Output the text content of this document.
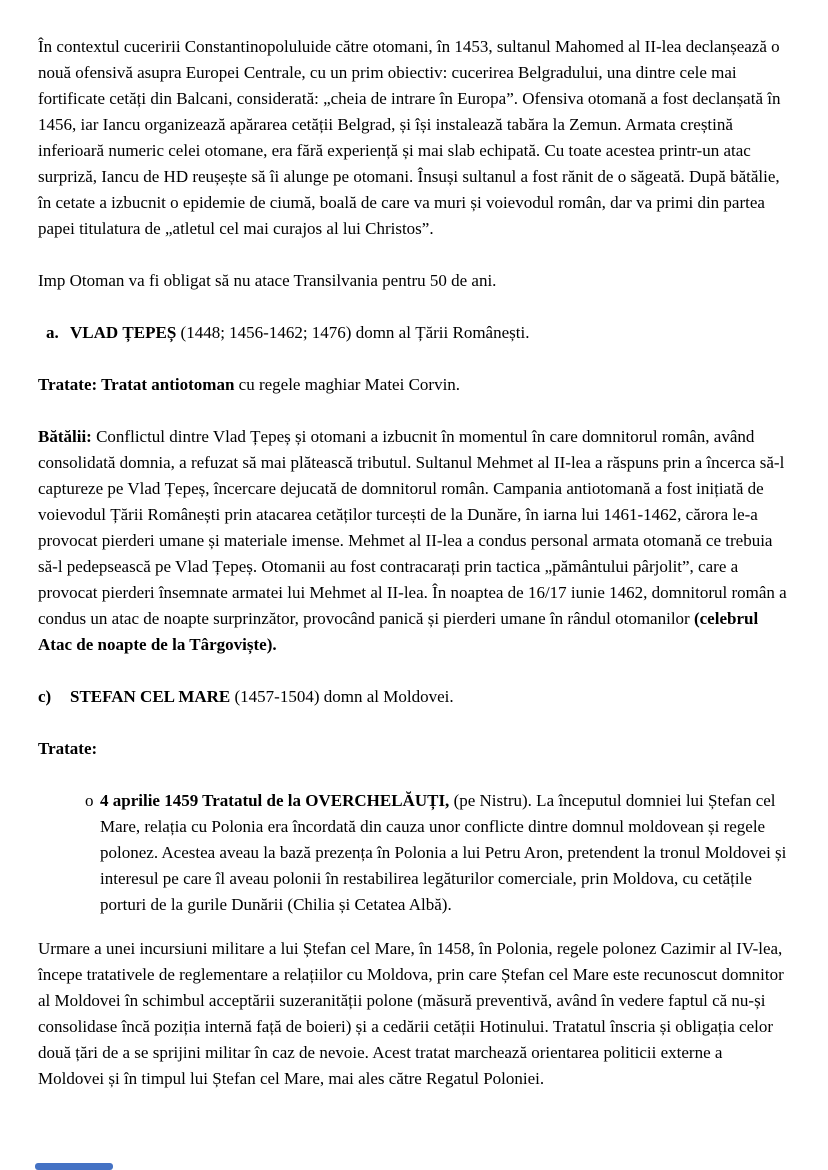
În contextul cuceririi Constantinopoluluide către otomani, în 1453, sultanul Mahomed al II-lea declanșează o nouă ofensivă asupra Europei Centrale, cu un prim obiectiv: cucerirea Belgradului, una dintre cele mai fortificate cetăți din Balcani, considerată: „cheia de intrare în Europa”. Ofensiva otomană a fost declanșată în 1456, iar Iancu organizează apărarea cetății Belgrad, și își instalează tabăra la Zemun. Armata creștină inferioară numeric celei otomane, era fără experiență și mai slab echipată. Cu toate acestea printr-un atac surpriză, Iancu de HD reușește să îi alunge pe otomani. Însuși sultanul a fost rănit de o săgeată. După bătălie, în cetate a izbucnit o epidemie de ciumă, boală de care va muri și voievodul român, dar va primi din partea papei titulatura de „atletul cel mai curajos al lui Christos”.

Imp Otoman va fi obligat să nu atace Transilvania pentru 50 de ani.

a. VLAD ȚEPEȘ (1448; 1456-1462; 1476) domn al Țării Românești.

Tratate: Tratat antiotoman cu regele maghiar Matei Corvin.

Bătălii: Conflictul dintre Vlad Țepeș și otomani a izbucnit în momentul în care domnitorul român, având consolidată domnia, a refuzat să mai plătească tributul. Sultanul Mehmet al II-lea a răspuns prin a încerca să-l captureze pe Vlad Țepeș, încercare dejucată de domnitorul român. Campania antiotomană a fost inițiată de voievodul Țării Românești prin atacarea cetăților turcești de la Dunăre, în iarna lui 1461-1462, cărora le-a provocat pierderi umane și materiale imense. Mehmet al II-lea a condus personal armata otomană ce trebuia să-l pedepsească pe Vlad Țepeș. Otomanii au fost contracarați prin tactica „pământului pârjolit”, care a provocat pierderi însemnate armatei lui Mehmet al II-lea. În noaptea de 16/17 iunie 1462, domnitorul român a condus un atac de noapte surprinzător, provocând panică și pierderi umane în rândul otomanilor (celebrul Atac de noapte de la Târgoviște).

c) STEFAN CEL MARE (1457-1504) domn al Moldovei.

Tratate:

o 4 aprilie 1459 Tratatul de la OVERCHELĂUȚI, (pe Nistru). La începutul domniei lui Ștefan cel Mare, relația cu Polonia era încordată din cauza unor conflicte dintre domnul moldovean și regele polonez. Acestea aveau la bază prezența în Polonia a lui Petru Aron, pretendent la tronul Moldovei și interesul pe care îl aveau polonii în restabilirea legăturilor comerciale, prin Moldova, cu cetățile porturi de la gurile Dunării (Chilia și Cetatea Albă).

Urmare a unei incursiuni militare a lui Ștefan cel Mare, în 1458, în Polonia, regele polonez Cazimir al IV-lea, începe tratativele de reglementare a relațiilor cu Moldova, prin care Ștefan cel Mare este recunoscut domnitor al Moldovei în schimbul acceptării suzeranității polone (măsură preventivă, având în vedere faptul că nu-și consolidase încă poziția internă față de boieri) și a cedării cetății Hotinului. Tratatul înscria și obligația celor două țări de a se sprijini militar în caz de nevoie. Acest tratat marchează orientarea politicii externe a Moldovei și în timpul lui Ștefan cel Mare, mai ales către Regatul Poloniei.
